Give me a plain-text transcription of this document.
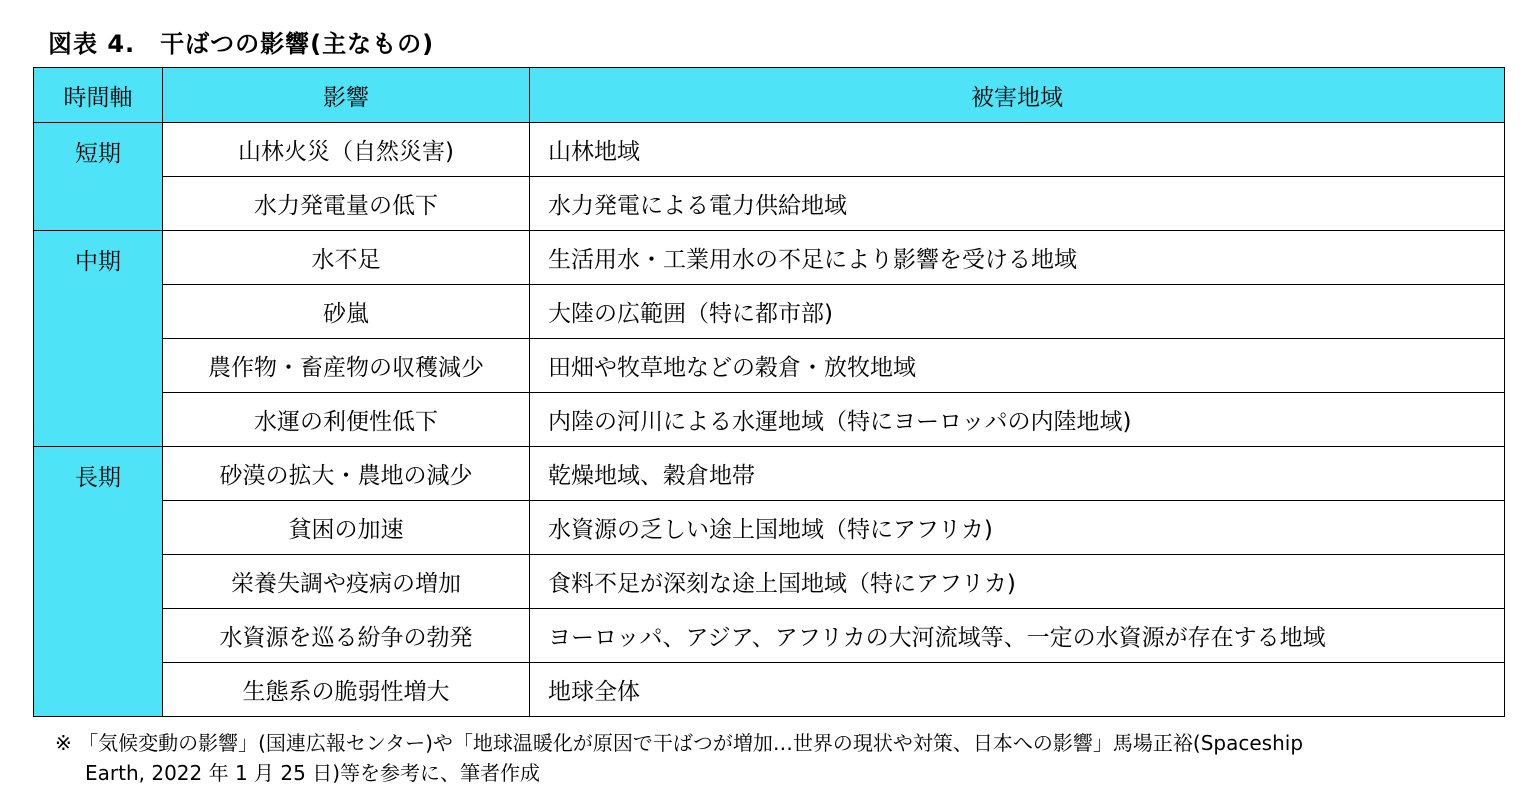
図表 4.　干ばつの影響(主なもの)
時間軸	影響	被害地域
短期	山林火災（自然災害)	山林地域
	水力発電量の低下	水力発電による電力供給地域
中期	水不足	生活用水・工業用水の不足により影響を受ける地域
	砂嵐	大陸の広範囲（特に都市部)
	農作物・畜産物の収穫減少	田畑や牧草地などの穀倉・放牧地域
	水運の利便性低下	内陸の河川による水運地域（特にヨーロッパの内陸地域)
長期	砂漠の拡大・農地の減少	乾燥地域、穀倉地帯
	貧困の加速	水資源の乏しい途上国地域（特にアフリカ)
	栄養失調や疫病の増加	食料不足が深刻な途上国地域（特にアフリカ)
	水資源を巡る紛争の勃発	ヨーロッパ、アジア、アフリカの大河流域等、一定の水資源が存在する地域
	生態系の脆弱性増大	地球全体
※ 「気候変動の影響」(国連広報センター)や「地球温暖化が原因で干ばつが増加…世界の現状や対策、日本への影響」馬場正裕(Spaceship
Earth, 2022 年 1 月 25 日)等を参考に、筆者作成
